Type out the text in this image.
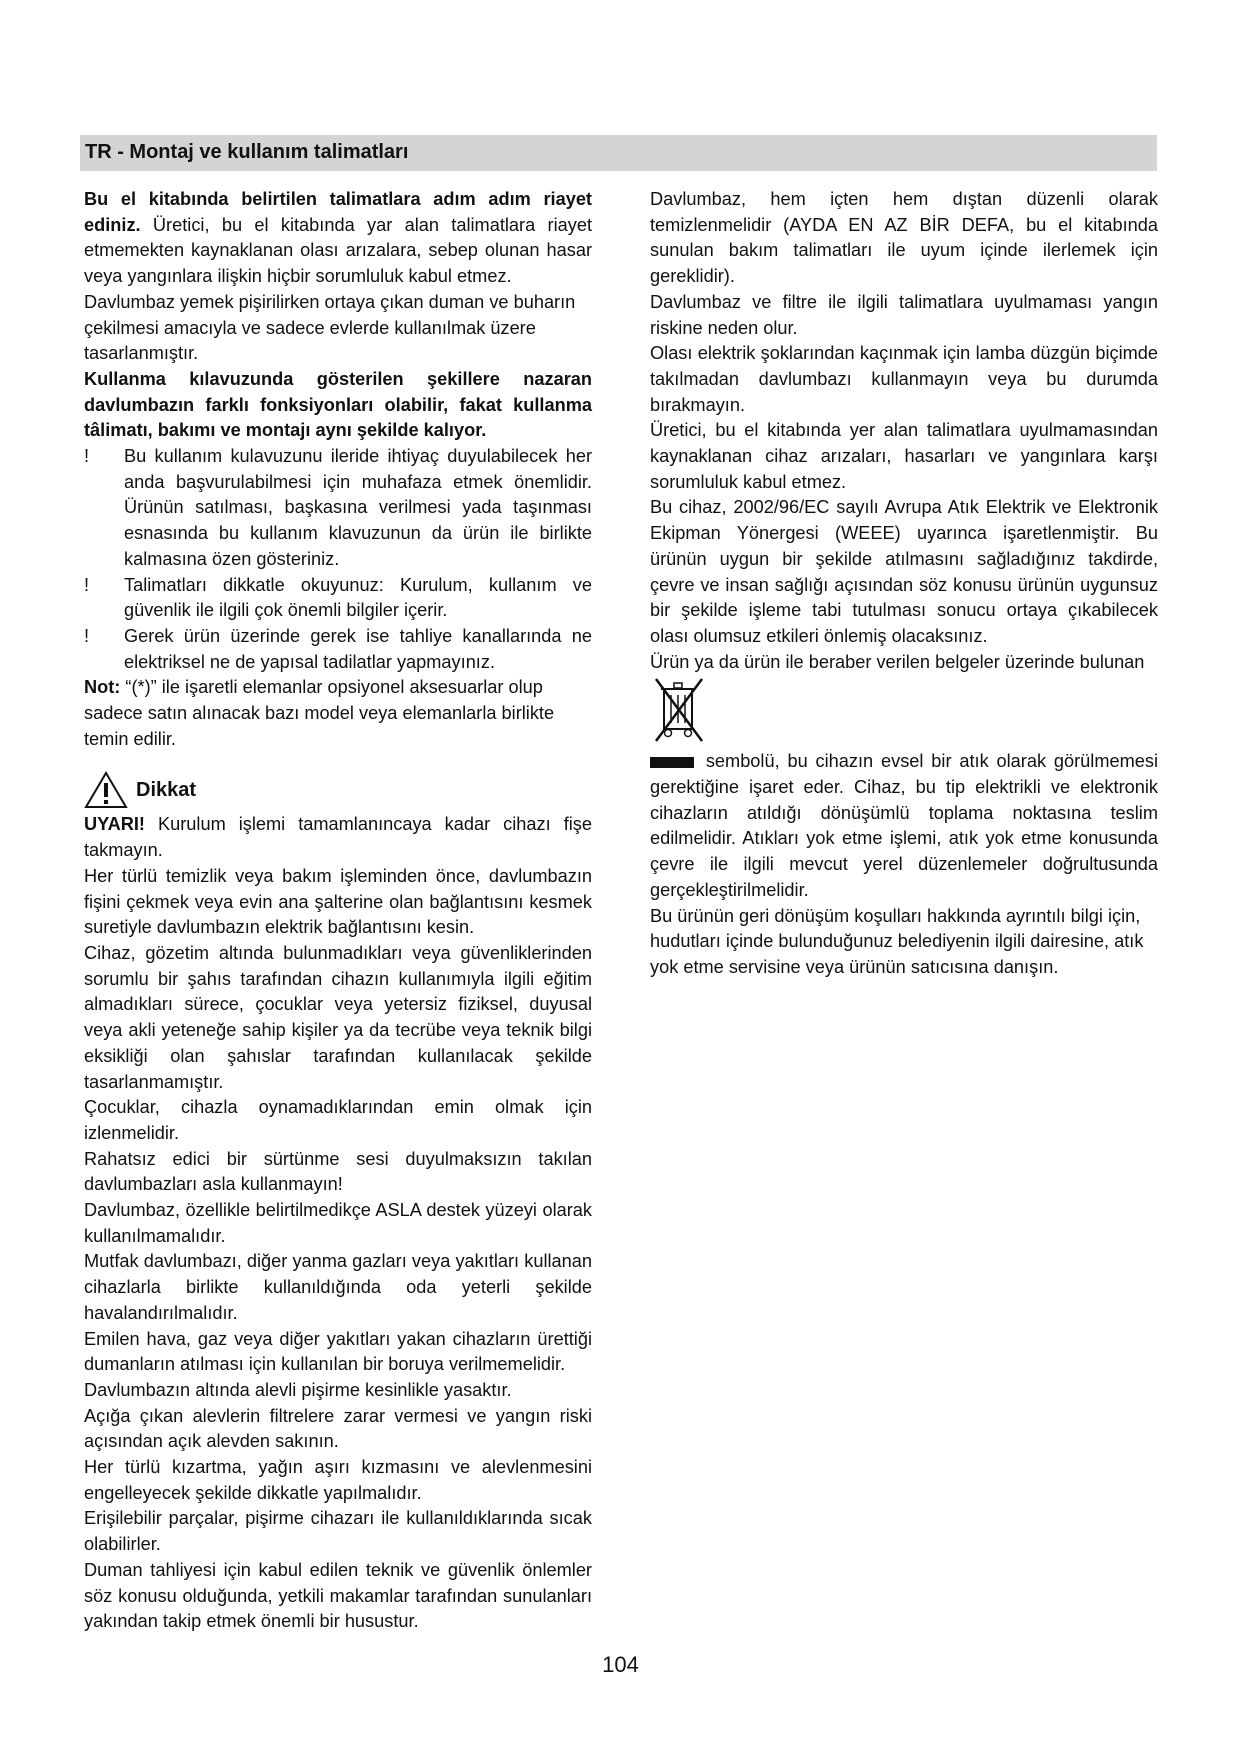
TR - Montaj ve kullanım talimatları

Bu el kitabında belirtilen talimatlara adım adım riayet ediniz. Üretici, bu el kitabında yar alan talimatlara riayet etmemekten kaynaklanan olası arızalara, sebep olunan hasar veya yangınlara ilişkin hiçbir sorumluluk kabul etmez.

Davlumbaz yemek pişirilirken ortaya çıkan duman ve buharın çekilmesi amacıyla ve sadece evlerde kullanılmak üzere tasarlanmıştır.

Kullanma kılavuzunda gösterilen şekillere nazaran davlumbazın farklı fonksiyonları olabilir, fakat kullanma tâlimatı, bakımı ve montajı aynı şekilde kalıyor.

! Bu kullanım kulavuzunu ileride ihtiyaç duyulabilecek her anda başvurulabilmesi için muhafaza etmek önemlidir. Ürünün satılması, başkasına verilmesi yada taşınması esnasında bu kullanım klavuzunun da ürün ile birlikte kalmasına özen gösteriniz.

! Talimatları dikkatle okuyunuz: Kurulum, kullanım ve güvenlik ile ilgili çok önemli bilgiler içerir.

! Gerek ürün üzerinde gerek ise tahliye kanallarında ne elektriksel ne de yapısal tadilatlar yapmayınız.

Not: “(*)” ile işaretli elemanlar opsiyonel aksesuarlar olup sadece satın alınacak bazı model veya elemanlarla birlikte temin edilir.

Dikkat

UYARI! Kurulum işlemi tamamlanıncaya kadar cihazı fişe takmayın.

Her türlü temizlik veya bakım işleminden önce, davlumbazın fişini çekmek veya evin ana şalterine olan bağlantısını kesmek suretiyle davlumbazın elektrik bağlantısını kesin.

Cihaz, gözetim altında bulunmadıkları veya güvenliklerinden sorumlu bir şahıs tarafından cihazın kullanımıyla ilgili eğitim almadıkları sürece, çocuklar veya yetersiz fiziksel, duyusal veya akli yeteneğe sahip kişiler ya da tecrübe veya teknik bilgi eksikliği olan şahıslar tarafından kullanılacak şekilde tasarlanmamıştır.

Çocuklar, cihazla oynamadıklarından emin olmak için izlenmelidir.

Rahatsız edici bir sürtünme sesi duyulmaksızın takılan davlumbazları asla kullanmayın!

Davlumbaz, özellikle belirtilmedikçe ASLA destek yüzeyi olarak kullanılmamalıdır.

Mutfak davlumbazı, diğer yanma gazları veya yakıtları kullanan cihazlarla birlikte kullanıldığında oda yeterli şekilde havalandırılmalıdır.

Emilen hava, gaz veya diğer yakıtları yakan cihazların ürettiği dumanların atılması için kullanılan bir boruya verilmemelidir.

Davlumbazın altında alevli pişirme kesinlikle yasaktır.

Açığa çıkan alevlerin filtrelere zarar vermesi ve yangın riski açısından açık alevden sakının.

Her türlü kızartma, yağın aşırı kızmasını ve alevlenmesini engelleyecek şekilde dikkatle yapılmalıdır.

Erişilebilir parçalar, pişirme cihazarı ile kullanıldıklarında sıcak olabilirler.

Duman tahliyesi için kabul edilen teknik ve güvenlik önlemler söz konusu olduğunda, yetkili makamlar tarafından sunulanları yakından takip etmek önemli bir husustur.

Davlumbaz, hem içten hem dıştan düzenli olarak temizlenmelidir (AYDA EN AZ BİR DEFA, bu el kitabında sunulan bakım talimatları ile uyum içinde ilerlemek için gereklidir).

Davlumbaz ve filtre ile ilgili talimatlara uyulmaması yangın riskine neden olur.

Olası elektrik şoklarından kaçınmak için lamba düzgün biçimde takılmadan davlumbazı kullanmayın veya bu durumda bırakmayın.

Üretici, bu el kitabında yer alan talimatlara uyulmamasından kaynaklanan cihaz arızaları, hasarları ve yangınlara karşı sorumluluk kabul etmez.

Bu cihaz, 2002/96/EC sayılı Avrupa Atık Elektrik ve Elektronik Ekipman Yönergesi (WEEE) uyarınca işaretlenmiştir. Bu ürünün uygun bir şekilde atılmasını sağladığınız takdirde, çevre ve insan sağlığı açısından söz konusu ürünün uygunsuz bir şekilde işleme tabi tutulması sonucu ortaya çıkabilecek olası olumsuz etkileri önlemiş olacaksınız.

Ürün ya da ürün ile beraber verilen belgeler üzerinde bulunan

sembolü, bu cihazın evsel bir atık olarak görülmemesi gerektiğine işaret eder. Cihaz, bu tip elektrikli ve elektronik cihazların atıldığı dönüşümlü toplama noktasına teslim edilmelidir. Atıkları yok etme işlemi, atık yok etme konusunda çevre ile ilgili mevcut yerel düzenlemeler doğrultusunda gerçekleştirilmelidir.

Bu ürünün geri dönüşüm koşulları hakkında ayrıntılı bilgi için, hudutları içinde bulunduğunuz belediyenin ilgili dairesine, atık yok etme servisine veya ürünün satıcısına danışın.

104
